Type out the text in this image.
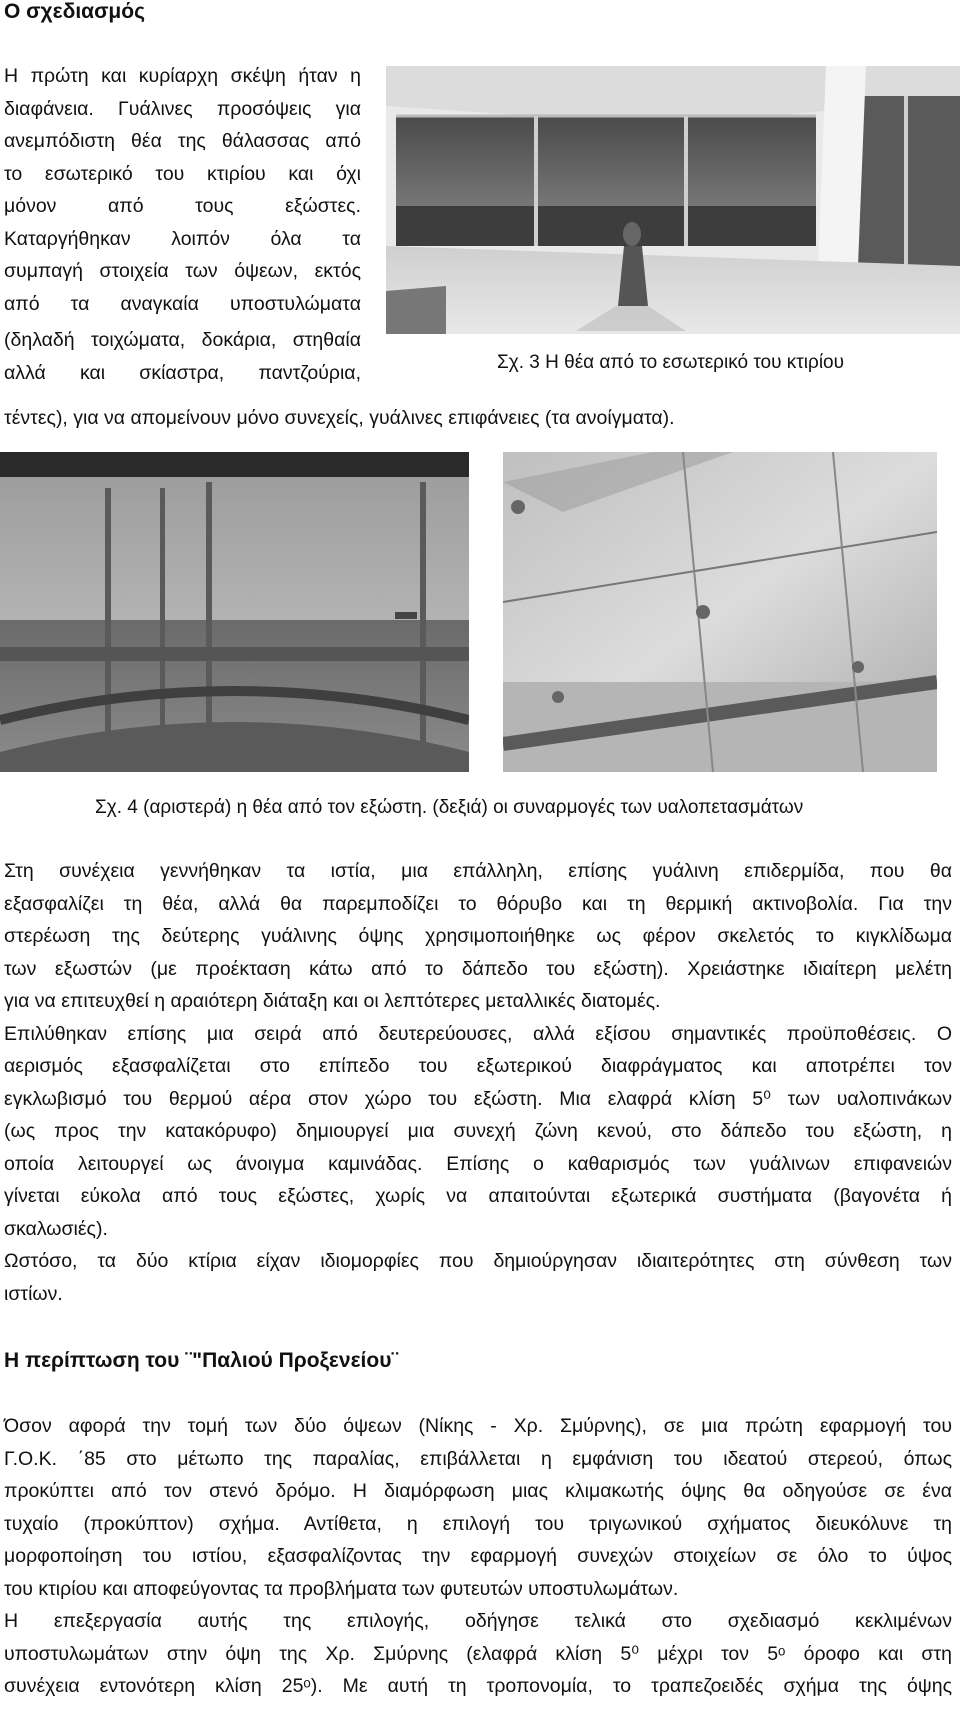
Ο σχεδιασμός
Η πρώτη και κυρίαρχη σκέψη ήταν η
διαφάνεια. Γυάλινες προσόψεις για
ανεμπόδιστη θέα της θάλασσας από
το εσωτερικό του κτιρίου και όχι
μόνον από τους εξώστες.
Καταργήθηκαν λοιπόν όλα τα
συμπαγή στοιχεία των όψεων, εκτός
από τα αναγκαία υποστυλώματα
(δηλαδή τοιχώματα, δοκάρια, στηθαία
αλλά και σκίαστρα, παντζούρια,
τέντες), για να απομείνουν μόνο συνεχείς, γυάλινες επιφάνειες (τα ανοίγματα).
Σχ. 3 Η θέα από το εσωτερικό του κτιρίου
Σχ. 4 (αριστερά) η θέα από τον εξώστη. (δεξιά) οι συναρμογές των υαλοπετασμάτων
Στη συνέχεια γεννήθηκαν τα ιστία, μια επάλληλη, επίσης γυάλινη επιδερμίδα, που θα
εξασφαλίζει τη θέα, αλλά θα παρεμποδίζει το θόρυβο και τη θερμική ακτινοβολία. Για την
στερέωση της δεύτερης γυάλινης όψης χρησιμοποιήθηκε ως φέρον σκελετός το κιγκλίδωμα
των εξωστών (με προέκταση κάτω από το δάπεδο του εξώστη). Χρειάστηκε ιδιαίτερη μελέτη
για να επιτευχθεί η αραιότερη διάταξη και οι λεπτότερες μεταλλικές διατομές.
Επιλύθηκαν επίσης μια σειρά από δευτερεύουσες, αλλά εξίσου σημαντικές προϋποθέσεις. Ο
αερισμός εξασφαλίζεται στο επίπεδο του εξωτερικού διαφράγματος και αποτρέπει τον
εγκλωβισμό του θερμού αέρα στον χώρο του εξώστη. Μια ελαφρά κλίση 5⁰ των υαλοπινάκων
(ως προς την κατακόρυφο) δημιουργεί μια συνεχή ζώνη κενού, στο δάπεδο του εξώστη, η
οποία λειτουργεί ως άνοιγμα καμινάδας. Επίσης ο καθαρισμός των γυάλινων επιφανειών
γίνεται εύκολα από τους εξώστες, χωρίς να απαιτούνται εξωτερικά συστήματα (βαγονέτα ή
σκαλωσιές).
Ωστόσο, τα δύο κτίρια είχαν ιδιομορφίες που δημιούργησαν ιδιαιτερότητες στη σύνθεση των
ιστίων.
Η περίπτωση του ¨"Παλιού Προξενείου¨
Όσον αφορά την τομή των δύο όψεων (Νίκης - Χρ. Σμύρνης), σε μια πρώτη εφαρμογή του
Γ.Ο.Κ. ΄85 στο μέτωπο της παραλίας, επιβάλλεται η εμφάνιση του ιδεατού στερεού, όπως
προκύπτει από τον στενό δρόμο. Η διαμόρφωση μιας κλιμακωτής όψης θα οδηγούσε σε ένα
τυχαίο (προκύπτον) σχήμα. Αντίθετα, η επιλογή του τριγωνικού σχήματος διευκόλυνε τη
μορφοποίηση του ιστίου, εξασφαλίζοντας την εφαρμογή συνεχών στοιχείων σε όλο το ύψος
του κτιρίου και αποφεύγοντας τα προβλήματα των φυτευτών υποστυλωμάτων.
Η επεξεργασία αυτής της επιλογής, οδήγησε τελικά στο σχεδιασμό κεκλιμένων
υποστυλωμάτων στην όψη της Χρ. Σμύρνης (ελαφρά κλίση 5⁰ μέχρι τον 5ᵒ όροφο και στη
συνέχεια εντονότερη κλίση 25ᵒ). Με αυτή τη τροπονομία, το τραπεζοειδές σχήμα της όψης
